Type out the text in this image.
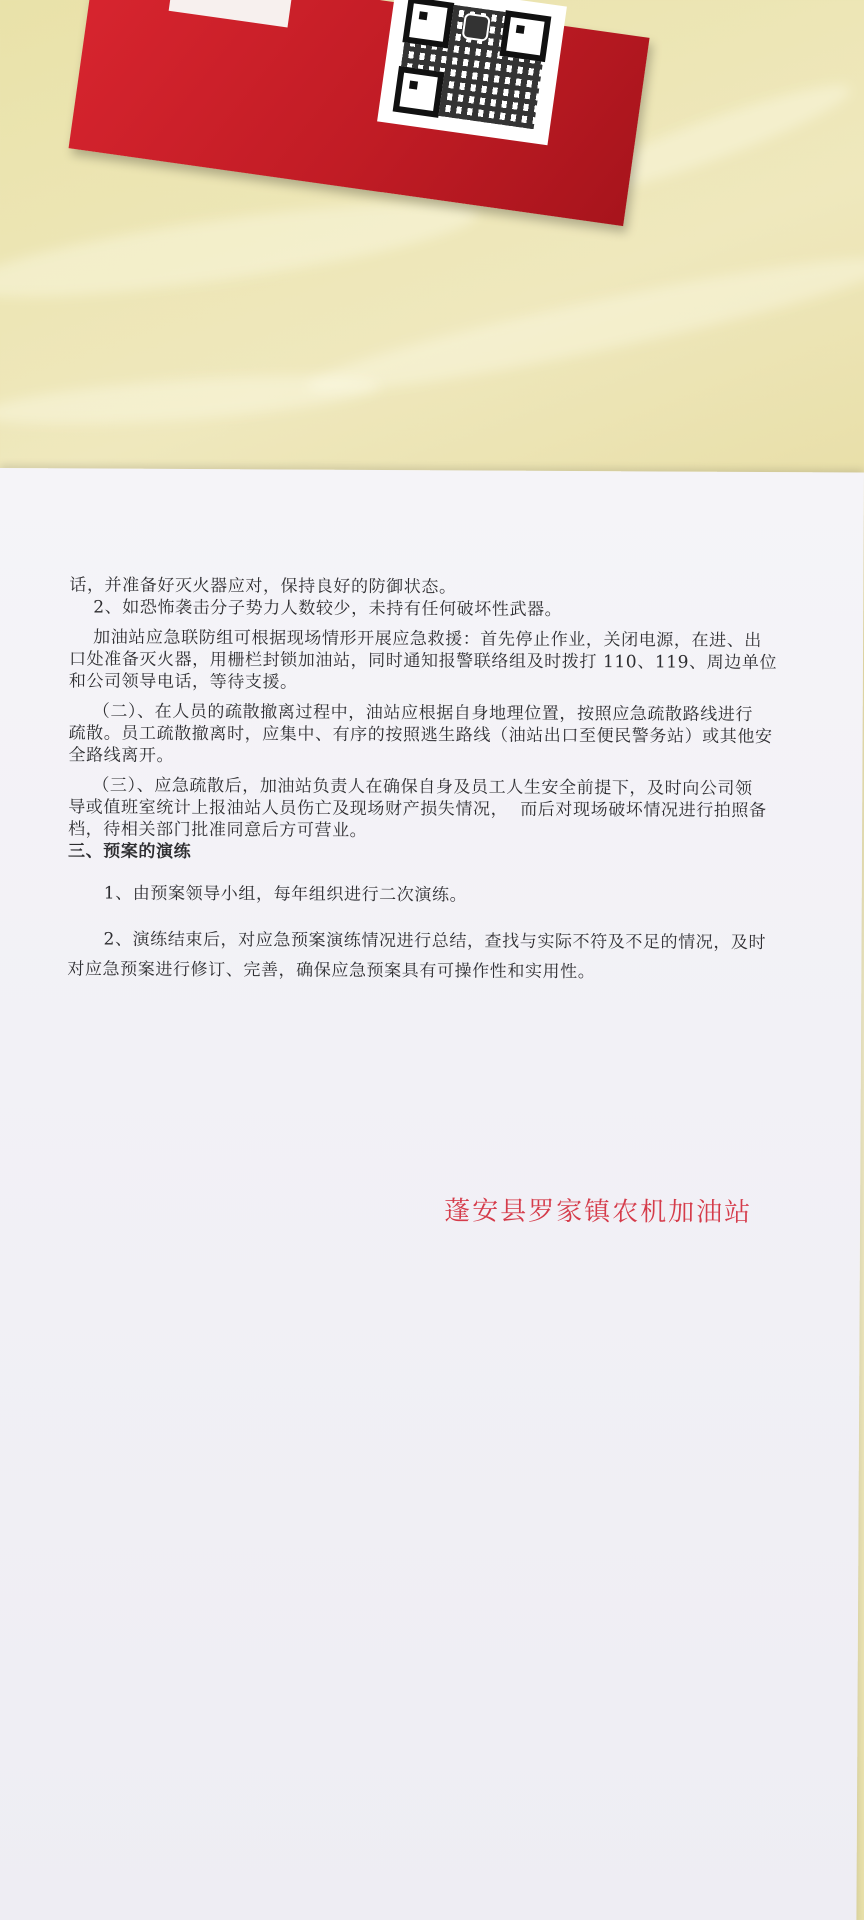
话，并准备好灭火器应对，保持良好的防御状态。

2、如恐怖袭击分子势力人数较少，未持有任何破坏性武器。

加油站应急联防组可根据现场情形开展应急救援：首先停止作业，关闭电源，在进、出

口处准备灭火器，用栅栏封锁加油站，同时通知报警联络组及时拨打 110、119、周边单位

和公司领导电话，等待支援。

（二）、在人员的疏散撤离过程中，油站应根据自身地理位置，按照应急疏散路线进行

疏散。员工疏散撤离时，应集中、有序的按照逃生路线（油站出口至便民警务站）或其他安

全路线离开。

（三）、应急疏散后，加油站负责人在确保自身及员工人生安全前提下，及时向公司领

导或值班室统计上报油站人员伤亡及现场财产损失情况，  而后对现场破坏情况进行拍照备

档，待相关部门批准同意后方可营业。

三、预案的演练

1、由预案领导小组，每年组织进行二次演练。

2、演练结束后，对应急预案演练情况进行总结，查找与实际不符及不足的情况，及时

对应急预案进行修订、完善，确保应急预案具有可操作性和实用性。

蓬安县罗家镇农机加油站
